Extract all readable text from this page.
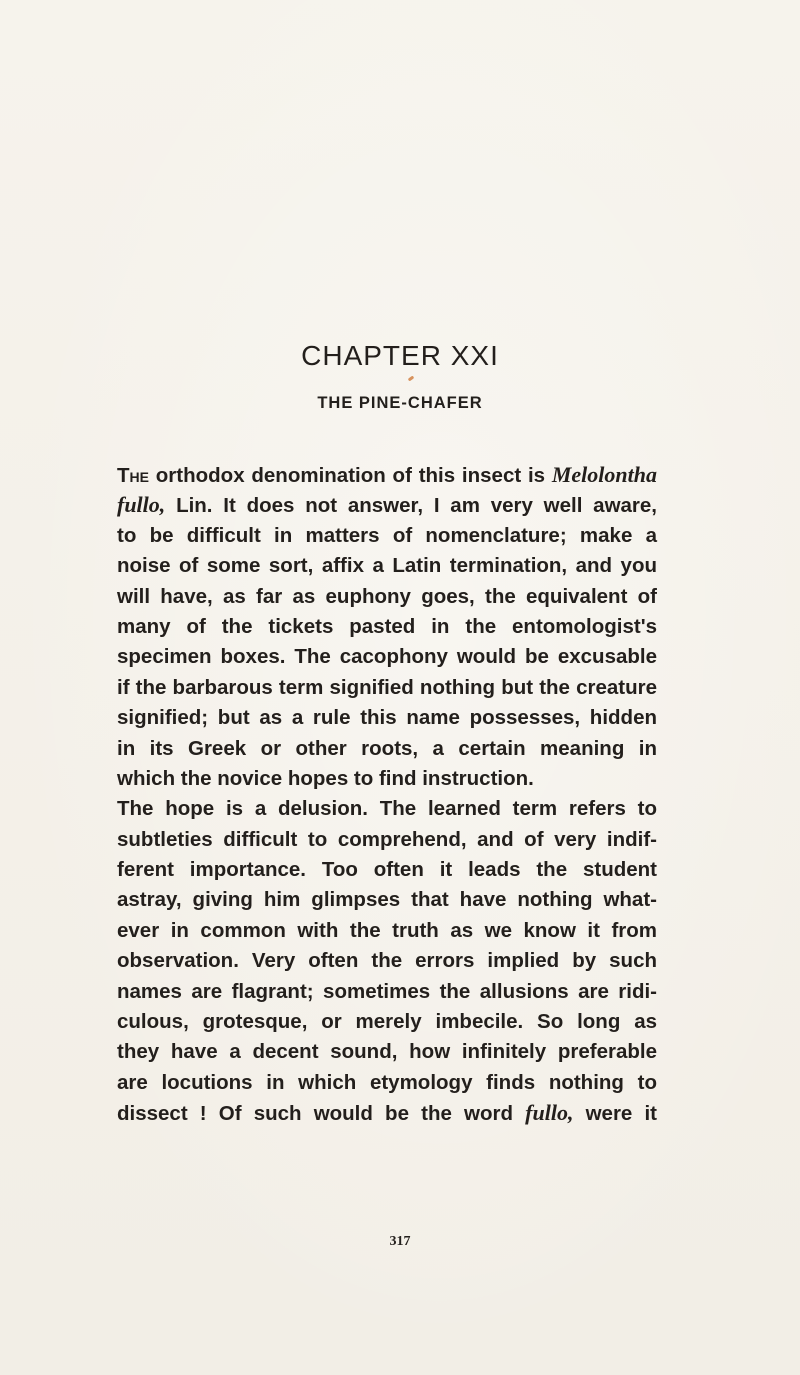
CHAPTER XXI
THE PINE-CHAFER
The orthodox denomination of this insect is Melolontha
fullo, Lin. It does not answer, I am very well aware,
to be difficult in matters of nomenclature; make a
noise of some sort, affix a Latin termination, and you
will have, as far as euphony goes, the equivalent of
many of the tickets pasted in the entomologist's
specimen boxes. The cacophony would be excusable
if the barbarous term signified nothing but the creature
signified; but as a rule this name possesses, hidden
in its Greek or other roots, a certain meaning in
which the novice hopes to find instruction.
The hope is a delusion. The learned term refers to
subtleties difficult to comprehend, and of very indif-
ferent importance. Too often it leads the student
astray, giving him glimpses that have nothing what-
ever in common with the truth as we know it from
observation. Very often the errors implied by such
names are flagrant; sometimes the allusions are ridi-
culous, grotesque, or merely imbecile. So long as
they have a decent sound, how infinitely preferable
are locutions in which etymology finds nothing to
dissect ! Of such would be the word fullo, were it
317
